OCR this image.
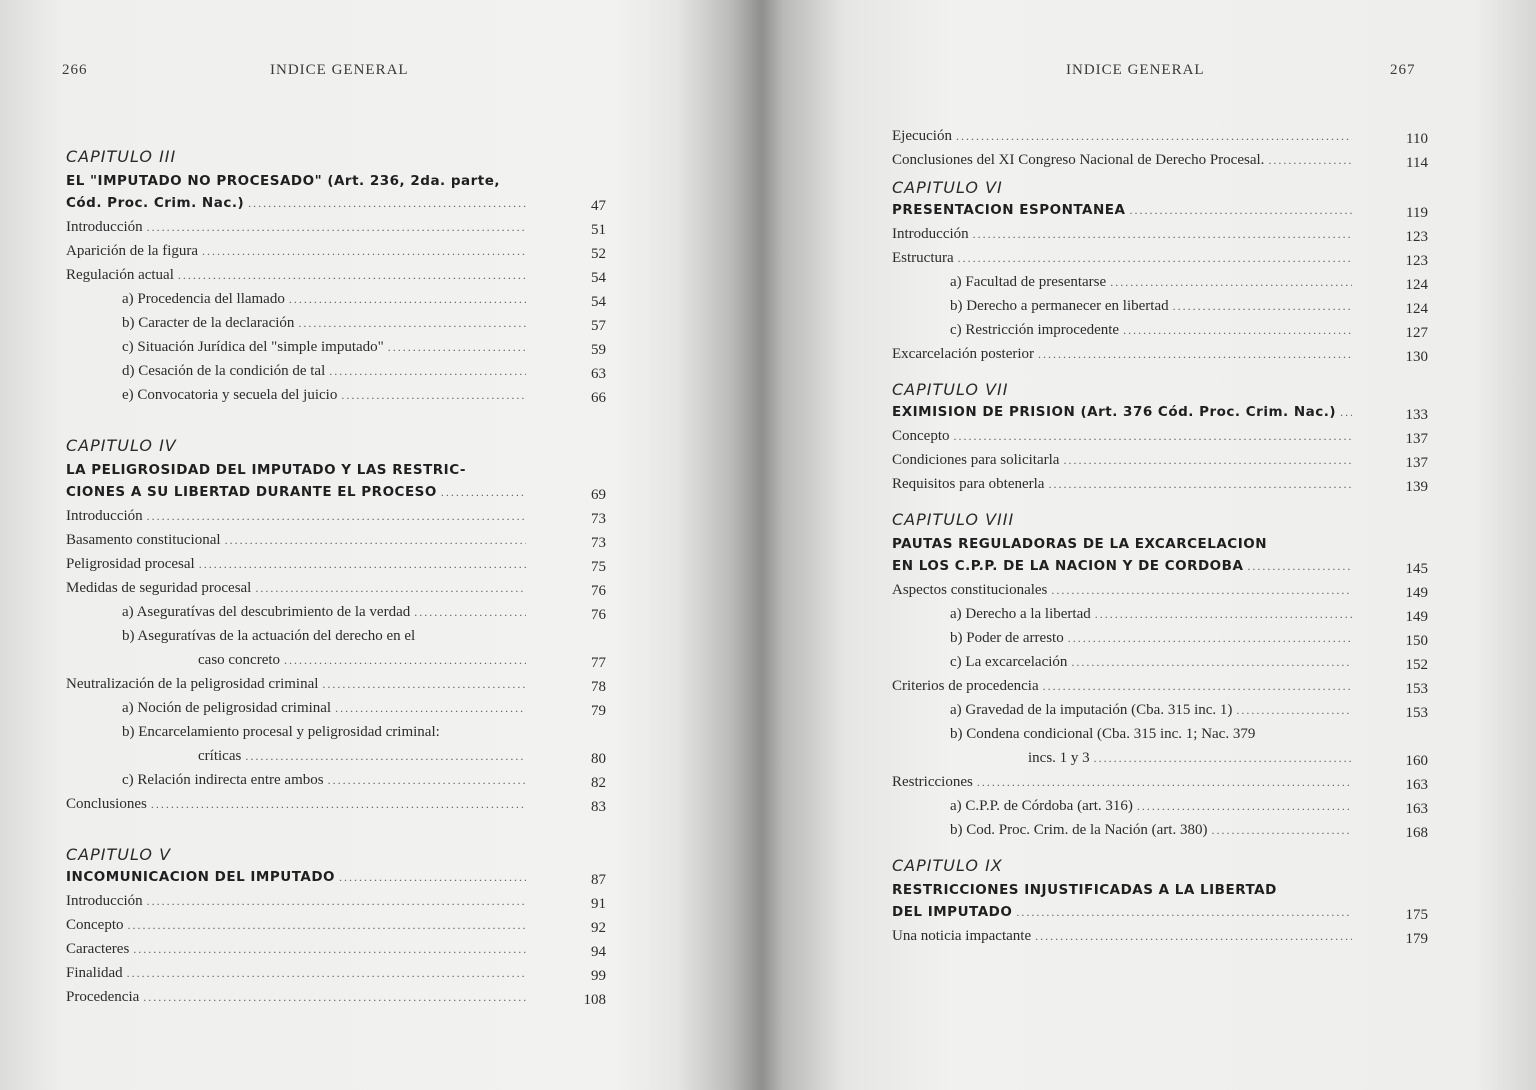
266	INDICE GENERAL
CAPITULO III
EL "IMPUTADO NO PROCESADO" (Art. 236, 2da. parte,
Cód. Proc. Crim. Nac.) .....	47
Introducción .....	51
Aparición de la figura .....	52
Regulación actual .....	54
a) Procedencia del llamado .....	54
b) Caracter de la declaración .....	57
c) Situación Jurídica del "simple imputado" .....	59
d) Cesación de la condición de tal .....	63
e) Convocatoria y secuela del juicio .....	66
CAPITULO IV
LA PELIGROSIDAD DEL IMPUTADO Y LAS RESTRIC-
CIONES A SU LIBERTAD DURANTE EL PROCESO .....	69
Introducción .....	73
Basamento constitucional .....	73
Peligrosidad procesal .....	75
Medidas de seguridad procesal .....	76
a) Aseguratívas del descubrimiento de la verdad .....	76
b) Aseguratívas de la actuación del derecho en el
caso concreto .....	77
Neutralización de la peligrosidad criminal .....	78
a) Noción de peligrosidad criminal .....	79
b) Encarcelamiento procesal y peligrosidad criminal:
críticas .....	80
c) Relación indirecta entre ambos .....	82
Conclusiones .....	83
CAPITULO V
INCOMUNICACION DEL IMPUTADO .....	87
Introducción .....	91
Concepto .....	92
Caracteres .....	94
Finalidad .....	99
Procedencia .....	108
INDICE GENERAL	267
Ejecución .....	110
Conclusiones del XI Congreso Nacional de Derecho Procesal. .....	114
CAPITULO VI
PRESENTACION ESPONTANEA .....	119
Introducción .....	123
Estructura .....	123
a) Facultad de presentarse .....	124
b) Derecho a permanecer en libertad .....	124
c) Restricción improcedente .....	127
Excarcelación posterior .....	130
CAPITULO VII
EXIMISION DE PRISION (Art. 376 Cód. Proc. Crim. Nac.) .....	133
Concepto .....	137
Condiciones para solicitarla .....	137
Requisitos para obtenerla .....	139
CAPITULO VIII
PAUTAS REGULADORAS DE LA EXCARCELACION
EN LOS C.P.P. DE LA NACION Y DE CORDOBA .....	145
Aspectos constitucionales .....	149
a) Derecho a la libertad .....	149
b) Poder de arresto .....	150
c) La excarcelación .....	152
Criterios de procedencia .....	153
a) Gravedad de la imputación (Cba. 315 inc. 1) .....	153
b) Condena condicional (Cba. 315 inc. 1; Nac. 379
incs. 1 y 3 .....	160
Restricciones .....	163
a) C.P.P. de Córdoba (art. 316) .....	163
b) Cod. Proc. Crim. de la Nación (art. 380) .....	168
CAPITULO IX
RESTRICCIONES INJUSTIFICADAS A LA LIBERTAD
DEL IMPUTADO .....	175
Una noticia impactante .....	179
